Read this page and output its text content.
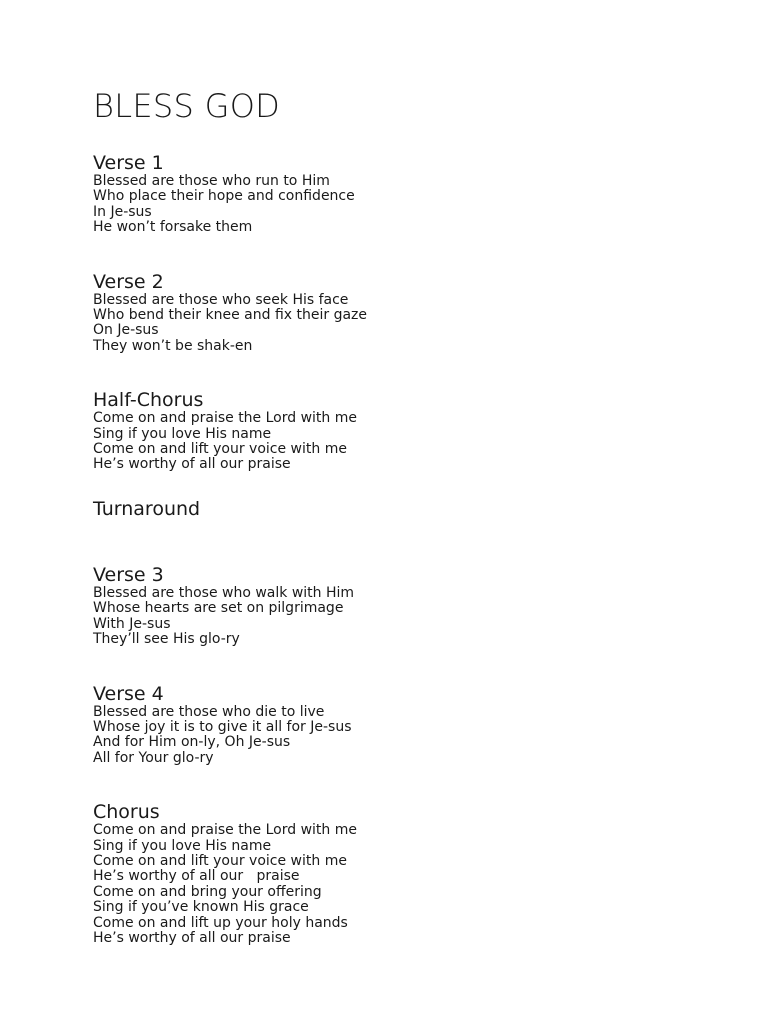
BLESS GOD
Verse 1

Blessed are those who run to Him

Who place their hope and confidence

In Je-sus

He won’t forsake them

Verse 2

Blessed are those who seek His face

Who bend their knee and fix their gaze

On Je-sus

They won’t be shak-en

Half-Chorus

Come on and praise the Lord with me

Sing if you love His name

Come on and lift your voice with me

He’s worthy of all our praise

Turnaround
Verse 3

Blessed are those who walk with Him

Whose hearts are set on pilgrimage

With Je-sus

They’ll see His glo-ry

Verse 4

Blessed are those who die to live

Whose joy it is to give it all for Je-sus

And for Him on-ly, Oh Je-sus

All for Your glo-ry

Chorus

Come on and praise the Lord with me

Sing if you love His name

Come on and lift your voice with me

He’s worthy of all our   praise

Come on and bring your offering

Sing if you’ve known His grace

Come on and lift up your holy hands

He’s worthy of all our praise
